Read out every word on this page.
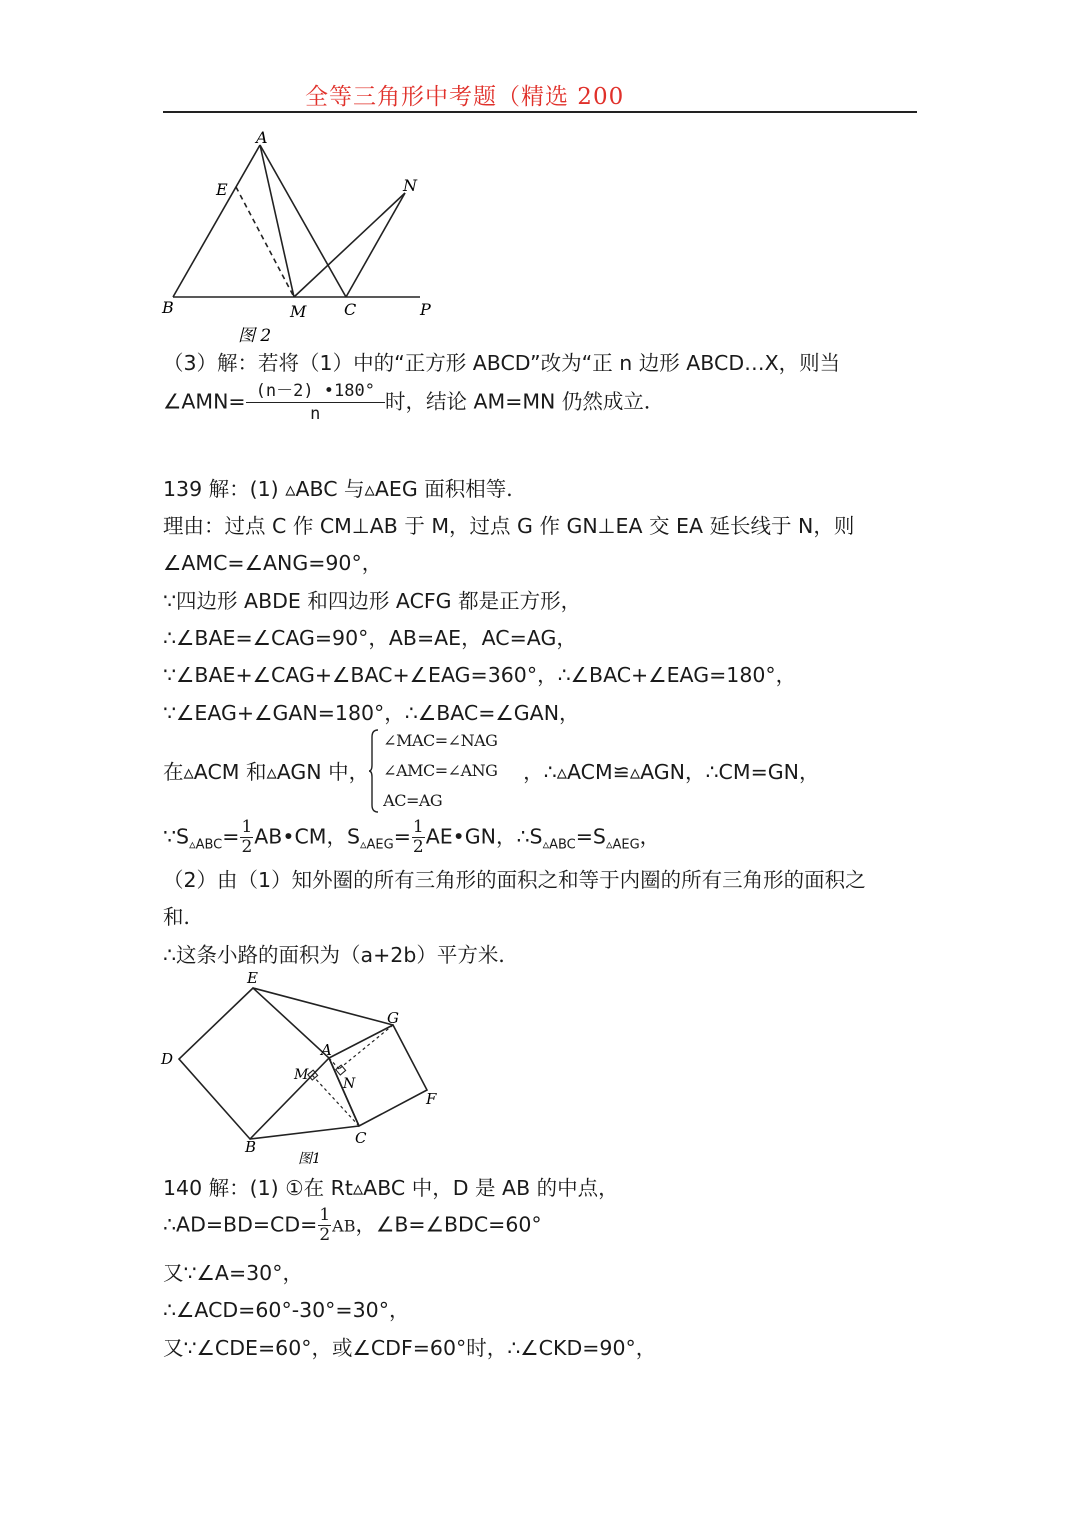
全等三角形中考题（精选 200
A
E	N
B	M C	P
图 2
（3）解：若将（1）中的“正方形 ABCD”改为“正 n 边形 ABCD…X，则当
∠AMN= $\frac{(n-2) •180^\circ}{n}$ 时，结论 AM=MN 仍然成立．
139 解：(1) ▵ABC 与▵AEG 面积相等．
理由：过点 C 作 CM⊥AB 于 M，过点 G 作 GN⊥EA 交 EA 延长线于 N，则
∠AMC=∠ANG=90°，
∵四边形 ABDE 和四边形 ACFG 都是正方形，
∴∠BAE=∠CAG=90°，AB=AE，AC=AG，
∵∠BAE+∠CAG+∠BAC+∠EAG=360°，∴∠BAC+∠EAG=180°，
∵∠EAG+∠GAN=180°，∴∠BAC=∠GAN，
在▵ACM 和▵AGN 中，
∠MAC=∠NAG
∠AMC=∠ANG
AC=AG
，∴▵ACM≌▵AGN，∴CM=GN，
$\because S_{▵ABC}= \frac{1}{2}$ AB•CM，$S_{▵AEG}= \frac{1}{2}$ AE•GN，$\therefore S_{▵ABC}=S_{▵AEG}$，
（2）由（1）知外圈的所有三角形的面积之和等于内圈的所有三角形的面积之
和．
∴这条小路的面积为（a+2b）平方米．
E
G
D	A
M
N
F
B	C
图1
140 解：(1) ①在 Rt▵ABC 中，D 是 AB 的中点，
∴AD=BD=CD= $\frac{1}{2}$ AB，∠B=∠BDC=60°
又∵∠A=30°，
∴∠ACD=60°-30°=30°，
又∵∠CDE=60°，或∠CDF=60°时，∴∠CKD=90°，
